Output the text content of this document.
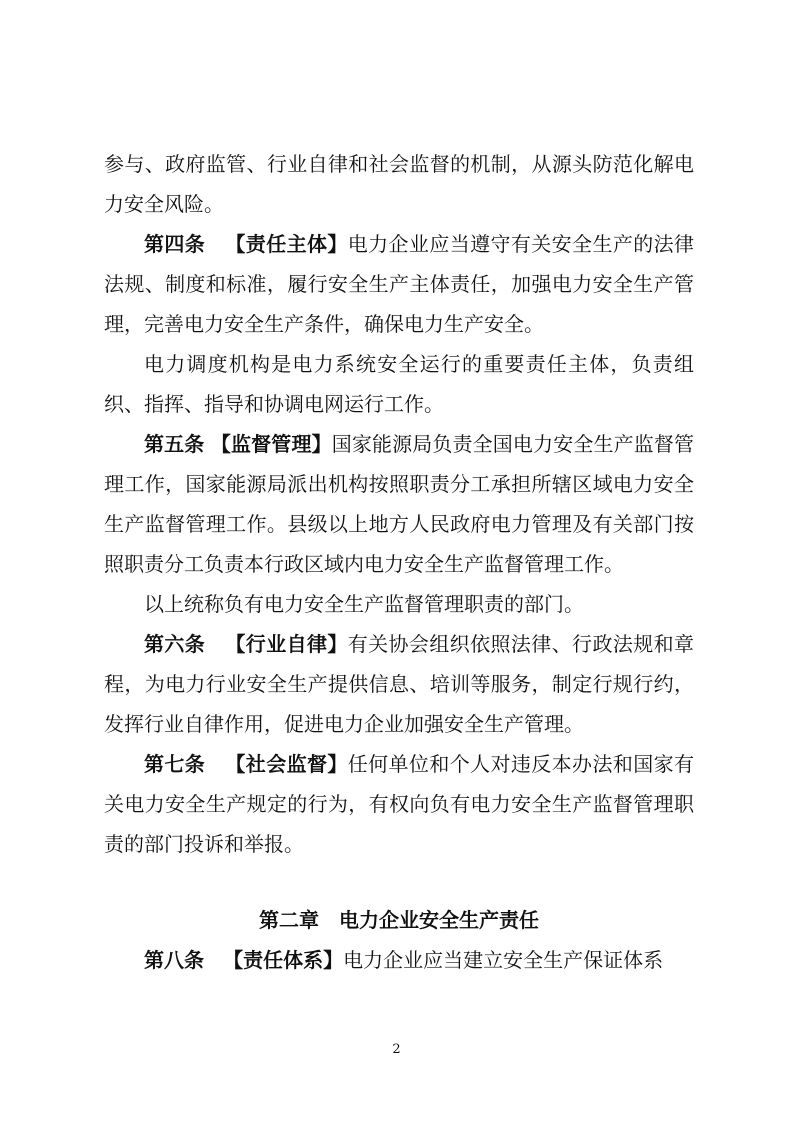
参与、政府监管、行业自律和社会监督的机制，从源头防范化解电力安全风险。

第四条 【责任主体】电力企业应当遵守有关安全生产的法律法规、制度和标准，履行安全生产主体责任，加强电力安全生产管理，完善电力安全生产条件，确保电力生产安全。

电力调度机构是电力系统安全运行的重要责任主体，负责组织、指挥、指导和协调电网运行工作。

第五条 【监督管理】国家能源局负责全国电力安全生产监督管理工作，国家能源局派出机构按照职责分工承担所辖区域电力安全生产监督管理工作。县级以上地方人民政府电力管理及有关部门按照职责分工负责本行政区域内电力安全生产监督管理工作。

以上统称负有电力安全生产监督管理职责的部门。

第六条 【行业自律】有关协会组织依照法律、行政法规和章程，为电力行业安全生产提供信息、培训等服务，制定行规行约，发挥行业自律作用，促进电力企业加强安全生产管理。

第七条 【社会监督】任何单位和个人对违反本办法和国家有关电力安全生产规定的行为，有权向负有电力安全生产监督管理职责的部门投诉和举报。

第二章　电力企业安全生产责任

第八条 【责任体系】电力企业应当建立安全生产保证体系

2
